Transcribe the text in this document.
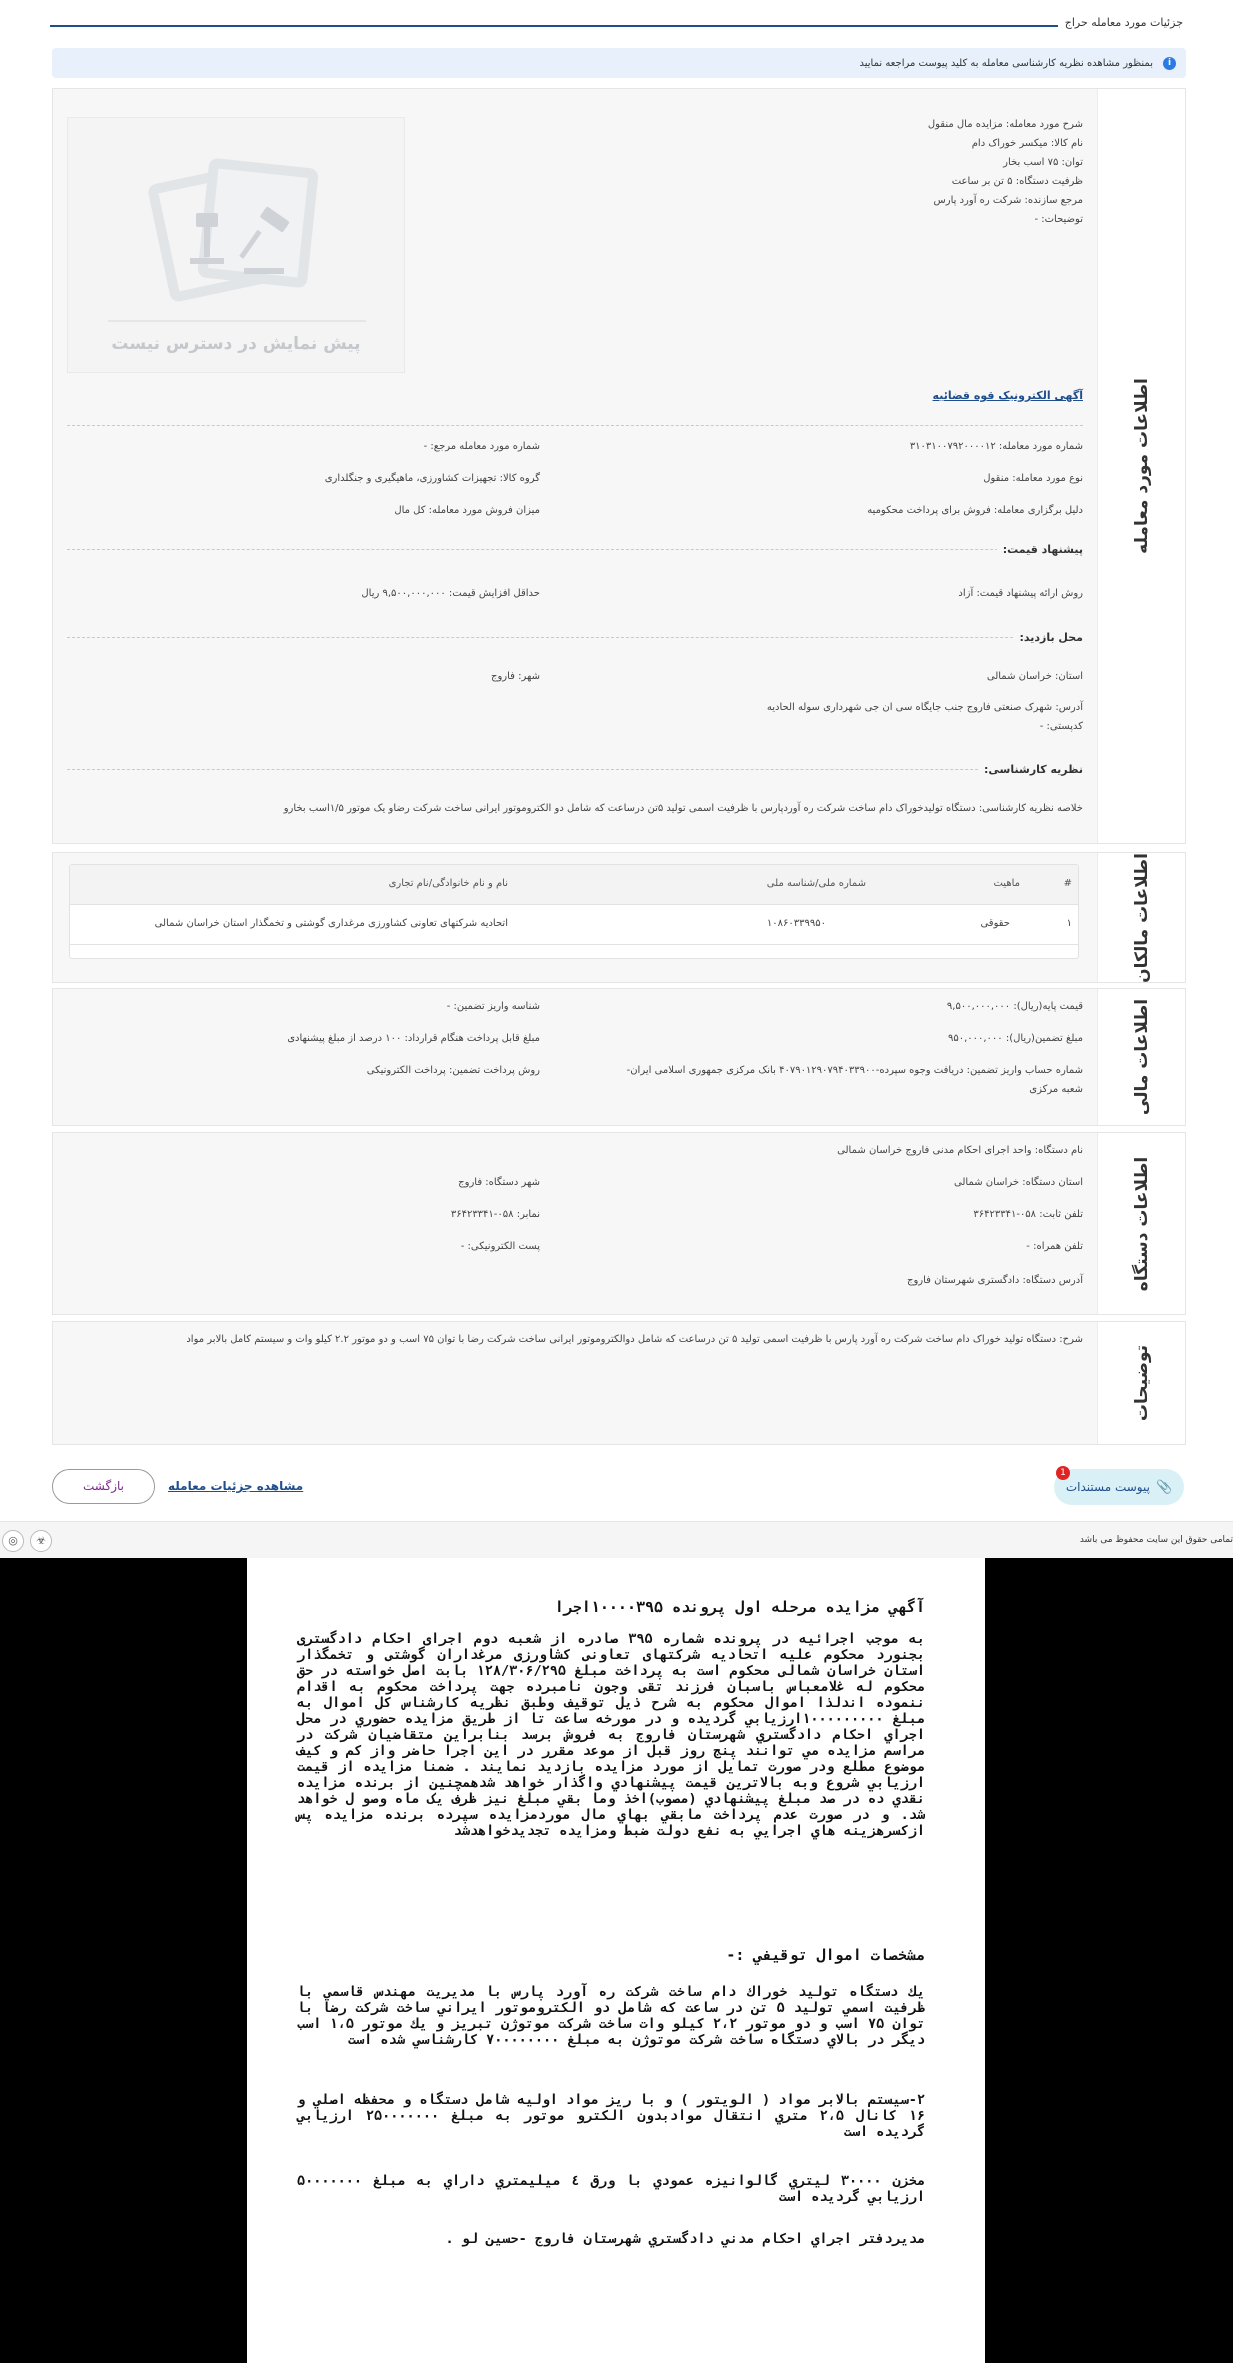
جزئیات مورد معامله حراج
i
بمنظور مشاهده نظریه کارشناسی معامله به کلید پیوست مراجعه نمایید
اطلاعات مورد معامله
شرح مورد معامله: مزایده مال منقول
نام کالا: میکسر خوراک دام
توان: ۷۵ اسب بخار
ظرفیت دستگاه: ۵ تن بر ساعت
مرجع سازنده: شرکت ره آورد پارس
توضیحات: -
پیش نمایش در دسترس نیست
آگهی الکترونیک قوه قضائیه
شماره مورد معامله: ۳۱۰۳۱۰۰۷۹۲۰۰۰۰۱۲
شماره مورد معامله مرجع: -
نوع مورد معامله: منقول
گروه کالا: تجهیزات کشاورزی، ماهیگیری و جنگلداری
دلیل برگزاری معامله: فروش برای پرداخت محکومیه
میزان فروش مورد معامله: کل مال
پیشنهاد قیمت:
روش ارائه پیشنهاد قیمت: آزاد
حداقل افزایش قیمت: ۹,۵۰۰,۰۰۰,۰۰۰ ریال
محل بازدید:
استان: خراسان شمالی
شهر: فاروج
آدرس: شهرک صنعتی فاروج جنب جایگاه سی ان جی شهرداری سوله الحادیه
کدپستی: -
نظریه کارشناسی:
خلاصه نظریه کارشناسی: دستگاه تولیدخوراک دام ساخت شرکت ره آوردپارس با ظرفیت اسمی تولید ۵تن درساعت که شامل دو الکتروموتور ایرانی ساخت شرکت رضاو یک موتور ۱/۵اسب بخارو
اطلاعات مالکان
#
ماهیت
شماره ملی/شناسه ملی
نام و نام خانوادگی/نام تجاری
۱
حقوقی
۱۰۸۶۰۳۳۹۹۵۰
اتحادیه شرکتهای تعاونی کشاورزی مرغداری گوشتی و تخمگذار استان خراسان شمالی
اطلاعات مالی
قیمت پایه(ریال): ۹,۵۰۰,۰۰۰,۰۰۰
شناسه واریز تضمین: -
مبلغ تضمین(ریال): ۹۵۰,۰۰۰,۰۰۰
مبلغ قابل پرداخت هنگام قرارداد: ۱۰۰ درصد از مبلغ پیشنهادی
شماره حساب واریز تضمین: دریافت وجوه سپرده-۴۰۷۹۰۱۲۹۰۷۹۴۰۳۳۹۰۰ بانک مرکزی جمهوری اسلامی ایران- شعبه مرکزی
روش پرداخت تضمین: پرداخت الکترونیکی
اطلاعات دستگاه
نام دستگاه: واحد اجرای احکام مدنی فاروج خراسان شمالی
استان دستگاه: خراسان شمالی
شهر دستگاه: فاروج
تلفن ثابت: ۰۵۸-۳۶۴۲۳۳۴۱
نمابر: ۰۵۸-۳۶۴۲۳۳۴۱
تلفن همراه: -
پست الکترونیکی: -
آدرس دستگاه: دادگستری شهرستان فاروج
توضیحات
شرح: دستگاه تولید خوراک دام ساخت شرکت ره آورد پارس با ظرفیت اسمی تولید ۵ تن درساعت که شامل دوالکتروموتور ایرانی ساخت شرکت رضا با توان ۷۵ اسب و دو موتور ۲.۲ کیلو وات و سیستم کامل بالابر مواد
1
📎
پیوست مستندات
مشاهده جزئیات معامله
بازگشت
تمامی حقوق این سایت محفوظ می باشد
◎	☣
آگهي مزايده مرحله اول پرونده ۱۰۰۰۰۳۹۵اجرا
به موجب اجرائيه در پرونده شماره ۳۹۵ صادره از شعبه دوم اجرای احکام دادگستری بجنورد محکوم عليه اتحاديه شرکتهای تعاونی کشاورزی مرغداران گوشتی و تخمگذار استان خراسان شمالی محکوم است به پرداخت مبلغ ۱۲۸/۳۰۶/۲۹۵ بابت اصل خواسته در حق محکوم له غلامعباس باسبان فرزند تقی وجون نامبرده جهت پرداخت محکوم به اقدام ننموده اندلذا اموال محکوم به شرح ذيل توقيف وطبق نظريه کارشناس کل اموال به مبلغ ۱۰۰۰۰۰۰۰۰۰ارزيابي گرديده و در مورخه ساعت تا از طريق مزايده حضوري در محل اجراي احکام دادگستري شهرستان فاروج به فروش برسد بنابراين متقاضيان شرکت در مراسم مزايده مي توانند پنج روز قبل از موعد مقرر در اين اجرا حاضر واز کم و کيف موضوع مطلع ودر صورت تمايل از مورد مزايده بازديد نمايند . ضمنا مزايده از قيمت ارزيابي شروع وبه بالاترين قيمت پيشنهادي واگذار خواهد شدهمچنين از برنده مزايده نقدي ده در صد مبلغ پيشنهادي (مصوب)اخذ وما بقي مبلغ نيز ظرف يک ماه وصو ل خواهد شد. و در صورت عدم پرداخت مابقي بهاي مال موردمزايده سپرده برنده مزايده پس ازکسرهزينه هاي اجرايي به نفع دولت ضبط ومزايده تجديدخواهدشد
مشخصات اموال توقيفي :-
يك دستگاه توليد خوراك دام ساخت شركت ره آورد پارس با مديريت مهندس قاسمي با ظرفيت اسمي توليد ۵ تن در ساعت كه شامل دو الكتروموتور ايراني ساخت شركت رضا با توان ۷۵ اسب و دو موتور ۲،۲ كيلو وات ساخت شركت موتوژن تبريز و يك موتور ۱،۵ اسب ديگر در بالاي دستگاه ساخت شركت موتوژن به مبلغ ۷۰۰۰۰۰۰۰۰ کارشناسي شده است
۲-سيستم بالابر مواد ( الويتور ) و با ريز مواد اوليه شامل دستگاه و محفظه اصلي و ۱۶ كانال ۲،۵ متري انتقال موادبدون الكترو موتور به مبلغ ۲۵۰۰۰۰۰۰۰ ارزيابي گرديده است
مخزن ۳۰۰۰۰ ليتري گالوانيزه عمودي با ورق ٤ ميليمتري داراي به مبلغ ۵۰۰۰۰۰۰۰ ارزيابي گرديده است
مديردفتر اجراي احکام مدني دادگستري شهرستان فاروج -حسين لو .
